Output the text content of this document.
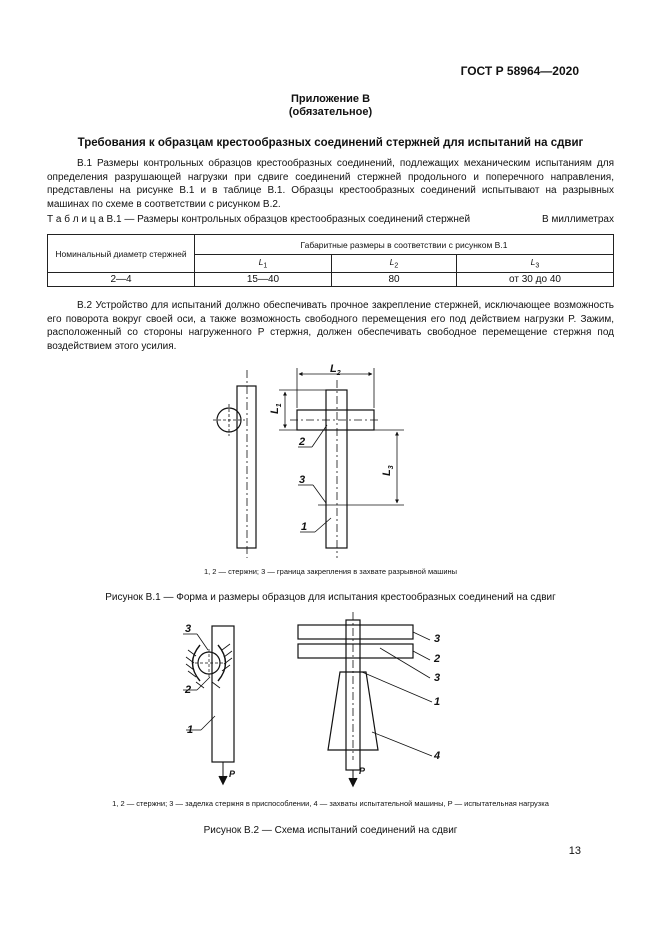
ГОСТ Р 58964—2020
Приложение В
(обязательное)
Требования к образцам крестообразных соединений стержней для испытаний на сдвиг

В.1 Размеры контрольных образцов крестообразных соединений, подлежащих механическим испытаниям для определения разрушающей нагрузки при сдвиге соединений стержней продольного и поперечного направления, представлены на рисунке В.1 и в таблице В.1. Образцы крестообразных соединений испытывают на разрывных машинах по схеме в соответствии с рисунком В.2.

Т а б л и ц а В.1 — Размеры контрольных образцов крестообразных соединений стержней	В миллиметрах
Номинальный диаметр стержней	Габаритные размеры в соответствии с рисунком В.1		
	$L_1$	$L_2$	$L_3$
2—4	15—40	80	от 30 до 40

В.2 Устройство для испытаний должно обеспечивать прочное закрепление стержней, исключающее возможность его поворота вокруг своей оси, а также возможность свободного перемещения его под действием нагрузки P. Зажим, расположенный со стороны нагруженного P стержня, должен обеспечивать свободное перемещение стержня под воздействием этого усилия.

$L_2$
$L_1$
$L_3$
2
3
1
1, 2 — стержни; 3 — граница закрепления в захвате разрывной машины
Рисунок В.1 — Форма и размеры образцов для испытания крестообразных соединений на сдвиг
3
2
1
P	P
3
2
3
1
4
1, 2 — стержни; 3 — заделка стержня в приспособлении, 4 — захваты испытательной машины, P — испытательная нагрузка
Рисунок В.2 — Схема испытаний соединений на сдвиг
13
